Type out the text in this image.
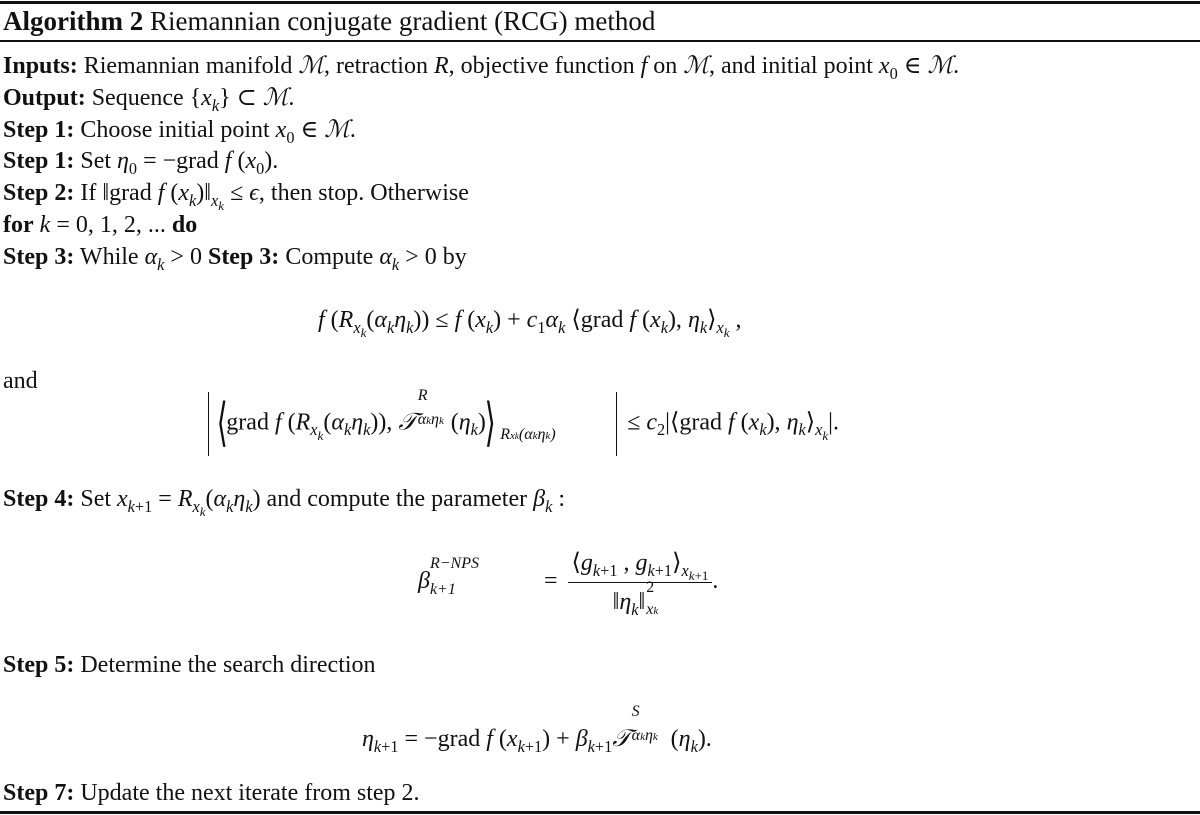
Algorithm 2 Riemannian conjugate gradient (RCG) method
Inputs: Riemannian manifold ℳ, retraction R, objective function f on ℳ, and initial point $x_0$ ∈ ℳ.
Output: Sequence $\{x_k\}$ ⊂ ℳ.
Step 1: Choose initial point $x_0$ ∈ ℳ.
Step 1: Set $\eta_0$ = −grad f $(x_0)$.
Step 2: If ‖grad f $(x_k)‖_{x_k} \le \epsilon$, then stop. Otherwise
for k = 0, 1, 2, ... do
Step 3: While $\alpha_k > 0$ Step 3: Compute $\alpha_k > 0$ by
f $(R_{x_k}(\alpha_k\eta_k)) \le f$ $(x_k) + c_1\alpha_k$ ⟨grad f $(x_k)$, $\eta_k⟩_{x_k}$ ,
and
⟨grad f $(R_{x_k}(\alpha_k\eta_k))$, 𝒯
R
αkηk $(\eta_k)⟩$ Rxk(αkηk)	≤ $c_2|⟨grad$ f $(x_k)$, $\eta_k⟩_{x_k}|$.
Step 4: Set $x_{k+1} = R_{x_k}(\alpha_k\eta_k)$ and compute the parameter $\beta_k$ :
β
R−NPS
k+1	= $⟨g_{k+1}$ , $g_{k+1}⟩_{x_{k+1}}$
$‖\eta_k‖$
2
xk .
Step 5: Determine the search direction
$\eta_{k+1}$ = −grad f $(x_{k+1})$ + $\beta_{k+1}𝒯$
S
αkηk $(\eta_k)$.
Step 7: Update the next iterate from step 2.
